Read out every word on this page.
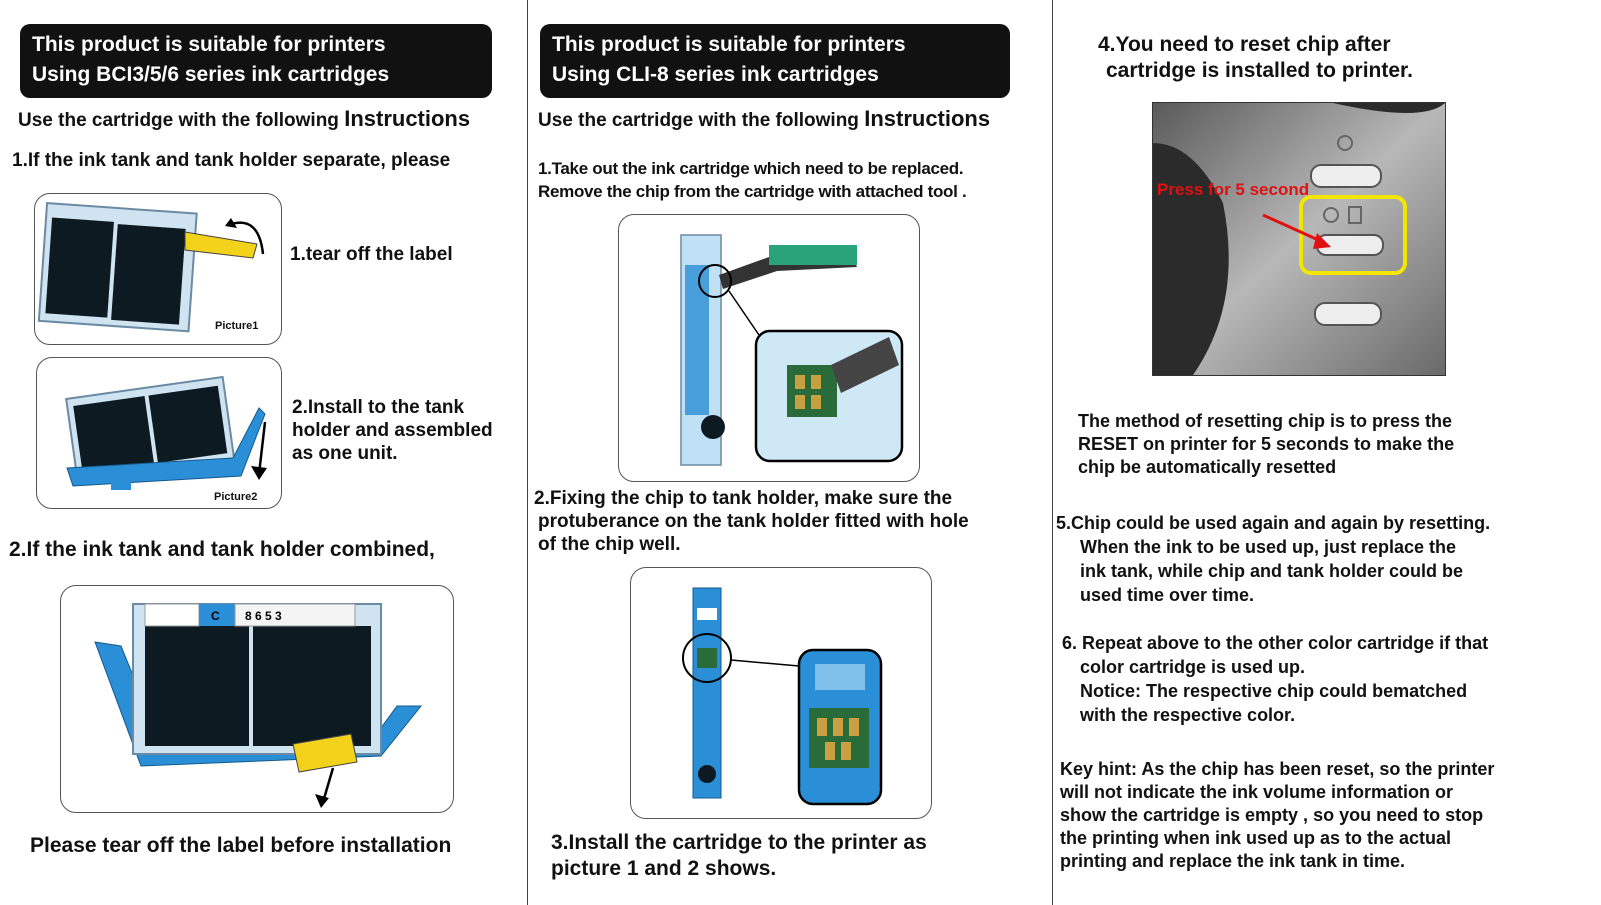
This product is suitable for printers
Using BCI3/5/6 series ink cartridges
Use the cartridge with the following Instructions
1.If the ink tank and tank holder separate, please
Picture1
1.tear off the label
Picture2
2.Install to the tank
holder and assembled
as one unit.
2.If the ink tank and tank holder combined,
C 8 6 5 3
Please tear off the label before installation
This product is suitable for printers
Using CLI-8 series ink cartridges
Use the cartridge with the following Instructions
1.Take out the ink cartridge which need to be replaced.
Remove the chip from the cartridge with attached tool .
2.Fixing the chip to tank holder, make sure the
protuberance on the tank holder fitted with hole
of the chip well.
3.Install the cartridge to the printer as
picture 1 and 2 shows.
4.You need to reset chip after
cartridge is installed to printer.
Press for 5 second
The method of resetting chip is to press the
RESET on printer for 5 seconds to make the
chip be automatically resetted
5.Chip could be used again and again by resetting.
When the ink to be used up, just replace the
ink tank, while chip and tank holder could be
used time over time.
6. Repeat above to the other color cartridge if that
color cartridge is used up.
Notice: The respective chip could bematched
with the respective color.
Key hint: As the chip has been reset, so the printer
will not indicate the ink volume information or
show the cartridge is empty , so you need to stop
the printing when ink used up as to the actual
printing and replace the ink tank in time.
